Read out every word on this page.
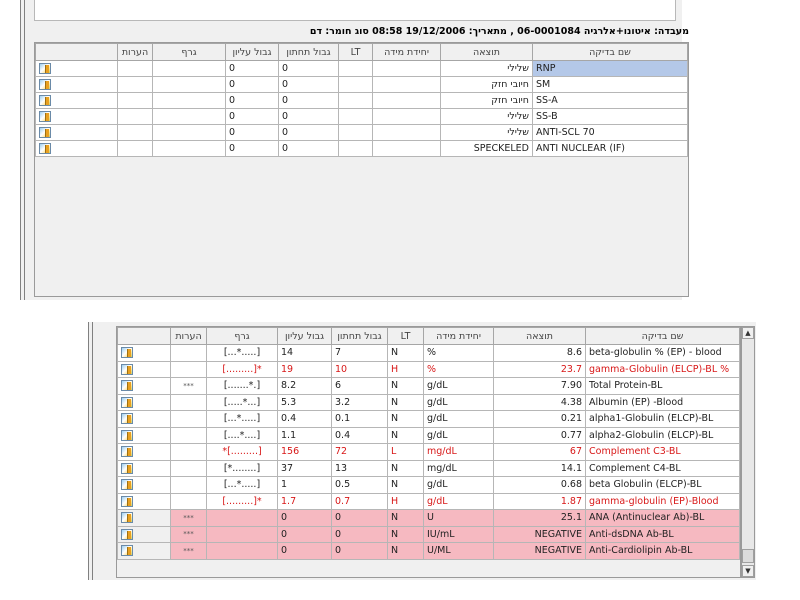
מעבדה: איטונו+אלרגיה 06-0001084 , מתאריך: 19/12/2006 08:58 סוג חומר: דם
שם בדיקה	תוצאה	יחידת מידה	LT	גבול תחתון	גבול עליון	גרף	הערות	
RNP	שלילי			0	0			
SM	חיובי חזק			0	0			
SS-A	חיובי חזק			0	0			
SS-B	שלילי			0	0			
ANTI-SCL 70	שלילי			0	0			
ANTI NUCLEAR (IF)	SPECKELED			0	0			
שם בדיקה	תוצאה	יחידת מידה	LT	גבול תחתון	גבול עליון	גרף	הערות	
beta-globulin % (EP) - blood	8.6	%	N	7	14	[...*.....]		
gamma-Globulin (ELCP)-BL %	23.7	%	H	10	19	[.........]*		
Total Protein-BL	7.90	g/dL	N	6	8.2	[.......*.]	***	
Albumin (EP) -Blood	4.38	g/dL	N	3.2	5.3	[.....*...]		
alpha1-Globulin (ELCP)-BL	0.21	g/dL	N	0.1	0.4	[...*.....]		
alpha2-Globulin (ELCP)-BL	0.77	g/dL	N	0.4	1.1	[....*....]		
Complement C3-BL	67	mg/dL	L	72	156	*[.........]		
Complement C4-BL	14.1	mg/dL	N	13	37	[*........]		
beta Globulin (ELCP)-BL	0.68	g/dL	N	0.5	1	[...*.....]		
gamma-globulin (EP)-Blood	1.87	g/dL	H	0.7	1.7	[.........]*		
ANA (Antinuclear Ab)-BL	25.1	U	N	0	0		***	
Anti-dsDNA Ab-BL	NEGATIVE	IU/mL	N	0	0		***	
Anti-Cardiolipin Ab-BL	NEGATIVE	U/ML	N	0	0		***	
▲
▼
